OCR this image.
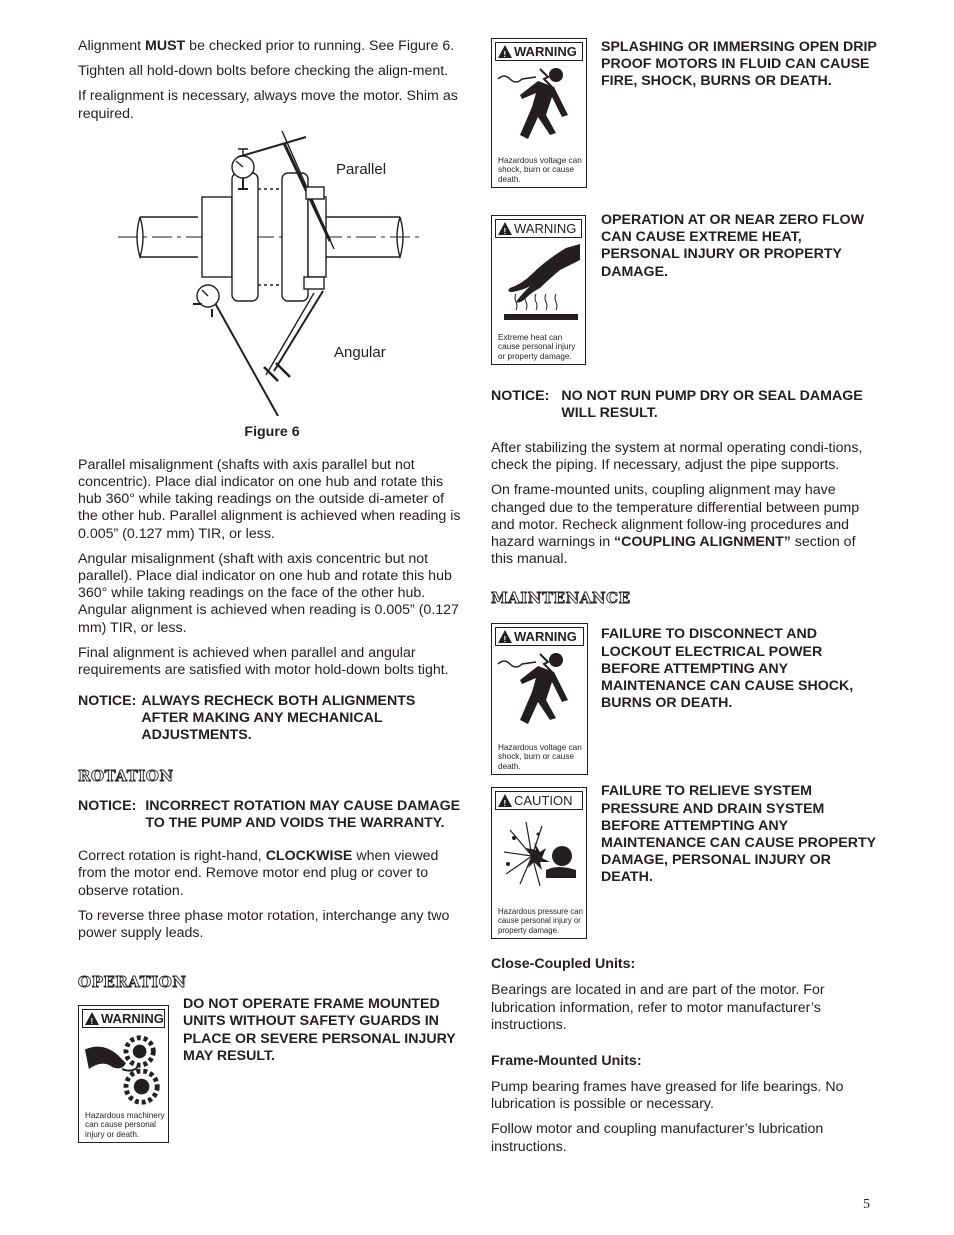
Alignment MUST be checked prior to running. See Figure 6.

Tighten all hold-down bolts before checking the align-ment.

If realignment is necessary, always move the motor. Shim as required.

Parallel
Angular
Figure 6

Parallel misalignment (shafts with axis parallel but not concentric). Place dial indicator on one hub and rotate this hub 360° while taking readings on the outside di-ameter of the other hub. Parallel alignment is achieved when reading is 0.005” (0.127 mm) TIR, or less.

Angular misalignment (shaft with axis concentric but not parallel). Place dial indicator on one hub and rotate this hub 360° while taking readings on the face of the other hub. Angular alignment is achieved when reading is 0.005” (0.127 mm) TIR, or less.

Final alignment is achieved when parallel and angular requirements are satisfied with motor hold-down bolts tight.

NOTICE: ALWAYS RECHECK BOTH ALIGNMENTS AFTER MAKING ANY MECHANICAL ADJUSTMENTS.
ROTATION
NOTICE: INCORRECT ROTATION MAY CAUSE DAMAGE TO THE PUMP AND VOIDS THE WARRANTY.

Correct rotation is right-hand, CLOCKWISE when viewed from the motor end. Remove motor end plug or cover to observe rotation.

To reverse three phase motor rotation, interchange any two power supply leads.

OPERATION
! WARNING
Hazardous machinery can cause personal injury or death.
DO NOT OPERATE FRAME MOUNTED UNITS WITHOUT SAFETY GUARDS IN PLACE OR SEVERE PERSONAL INJURY MAY RESULT.
! WARNING
Hazardous voltage can shock, burn or cause death.
SPLASHING OR IMMERSING OPEN DRIP PROOF MOTORS IN FLUID CAN CAUSE FIRE, SHOCK, BURNS OR DEATH.
! WARNING
Extreme heat can cause personal injury or property damage.
OPERATION AT OR NEAR ZERO FLOW CAN CAUSE EXTREME HEAT, PERSONAL INJURY OR PROPERTY DAMAGE.
NOTICE: NO NOT RUN PUMP DRY OR SEAL DAMAGE WILL RESULT.

After stabilizing the system at normal operating condi-tions, check the piping. If necessary, adjust the pipe supports.

On frame-mounted units, coupling alignment may have changed due to the temperature differential between pump and motor. Recheck alignment follow-ing procedures and hazard warnings in “COUPLING ALIGNMENT” section of this manual.

MAINTENANCE
! WARNING
Hazardous voltage can shock, burn or cause death.
FAILURE TO DISCONNECT AND LOCKOUT ELECTRICAL POWER BEFORE ATTEMPTING ANY MAINTENANCE CAN CAUSE SHOCK, BURNS OR DEATH.
! CAUTION
Hazardous pressure can cause personal injury or property damage.
FAILURE TO RELIEVE SYSTEM PRESSURE AND DRAIN SYSTEM BEFORE ATTEMPTING ANY MAINTENANCE CAN CAUSE PROPERTY DAMAGE, PERSONAL INJURY OR DEATH.
Close-Coupled Units:

Bearings are located in and are part of the motor. For lubrication information, refer to motor manufacturer’s instructions.

Frame-Mounted Units:

Pump bearing frames have greased for life bearings. No lubrication is possible or necessary.

Follow motor and coupling manufacturer’s lubrication instructions.

5
